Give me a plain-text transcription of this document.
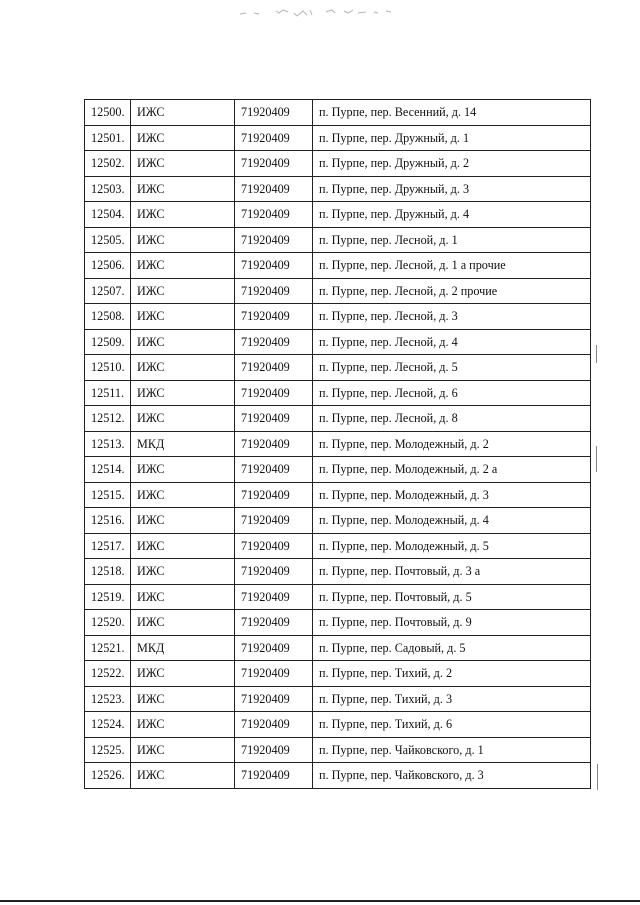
12500.	ИЖС	71920409	п. Пурпе, пер. Весенний, д. 14
12501.	ИЖС	71920409	п. Пурпе, пер. Дружный, д. 1
12502.	ИЖС	71920409	п. Пурпе, пер. Дружный, д. 2
12503.	ИЖС	71920409	п. Пурпе, пер. Дружный, д. 3
12504.	ИЖС	71920409	п. Пурпе, пер. Дружный, д. 4
12505.	ИЖС	71920409	п. Пурпе, пер. Лесной, д. 1
12506.	ИЖС	71920409	п. Пурпе, пер. Лесной, д. 1 а прочие
12507.	ИЖС	71920409	п. Пурпе, пер. Лесной, д. 2 прочие
12508.	ИЖС	71920409	п. Пурпе, пер. Лесной, д. 3
12509.	ИЖС	71920409	п. Пурпе, пер. Лесной, д. 4
12510.	ИЖС	71920409	п. Пурпе, пер. Лесной, д. 5
12511.	ИЖС	71920409	п. Пурпе, пер. Лесной, д. 6
12512.	ИЖС	71920409	п. Пурпе, пер. Лесной, д. 8
12513.	МКД	71920409	п. Пурпе, пер. Молодежный, д. 2
12514.	ИЖС	71920409	п. Пурпе, пер. Молодежный, д. 2 а
12515.	ИЖС	71920409	п. Пурпе, пер. Молодежный, д. 3
12516.	ИЖС	71920409	п. Пурпе, пер. Молодежный, д. 4
12517.	ИЖС	71920409	п. Пурпе, пер. Молодежный, д. 5
12518.	ИЖС	71920409	п. Пурпе, пер. Почтовый, д. 3 а
12519.	ИЖС	71920409	п. Пурпе, пер. Почтовый, д. 5
12520.	ИЖС	71920409	п. Пурпе, пер. Почтовый, д. 9
12521.	МКД	71920409	п. Пурпе, пер. Садовый, д. 5
12522.	ИЖС	71920409	п. Пурпе, пер. Тихий, д. 2
12523.	ИЖС	71920409	п. Пурпе, пер. Тихий, д. 3
12524.	ИЖС	71920409	п. Пурпе, пер. Тихий, д. 6
12525.	ИЖС	71920409	п. Пурпе, пер. Чайковского, д. 1
12526.	ИЖС	71920409	п. Пурпе, пер. Чайковского, д. 3
